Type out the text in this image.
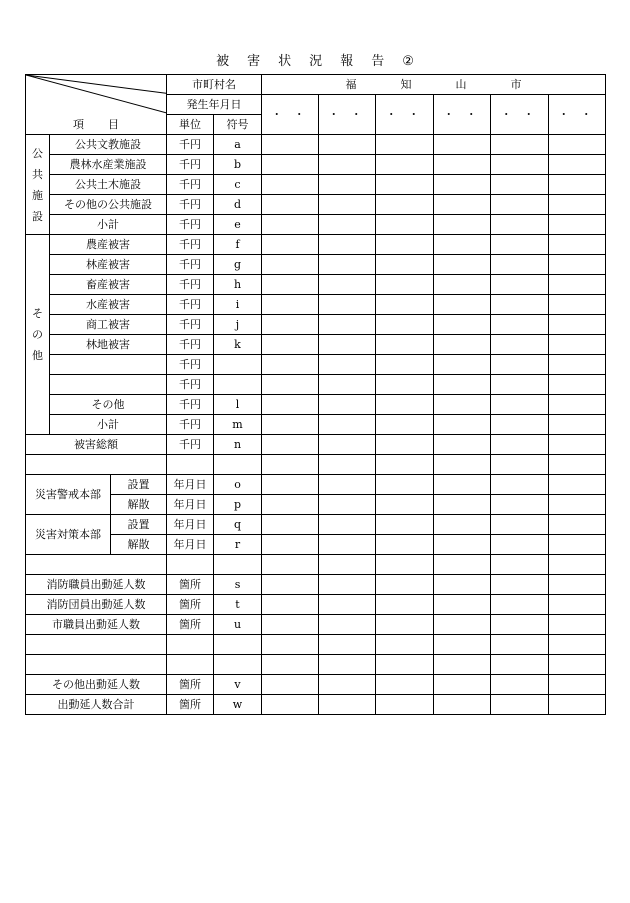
被 害 状 況 報 告 ②
項 目			市町村名		福 知 山 市					
			発生年月日		・ ・	・ ・	・ ・	・ ・	・ ・	・ ・
			単位	符号						
公
共
施
設	公共文教施設		千円	a						
	農林水産業施設		千円	b						
	公共土木施設		千円	c						
	その他の公共施設		千円	d						
	小計		千円	e						
そ
の
他	農産被害		千円	f						
	林産被害		千円	g						
	畜産被害		千円	h						
	水産被害		千円	i						
	商工被害		千円	j						
	林地被害		千円	k						
			千円							
			千円							
	その他		千円	l						
	小計		千円	m						
被害総額			千円	n						

災害警戒本部		設置	年月日	o						
		解散	年月日	p						
災害対策本部		設置	年月日	q						
		解散	年月日	r						

消防職員出動延人数			箇所	s						
消防団員出動延人数			箇所	t						
市職員出動延人数			箇所	u						

その他出動延人数			箇所	v						
出動延人数合計			箇所	w						
